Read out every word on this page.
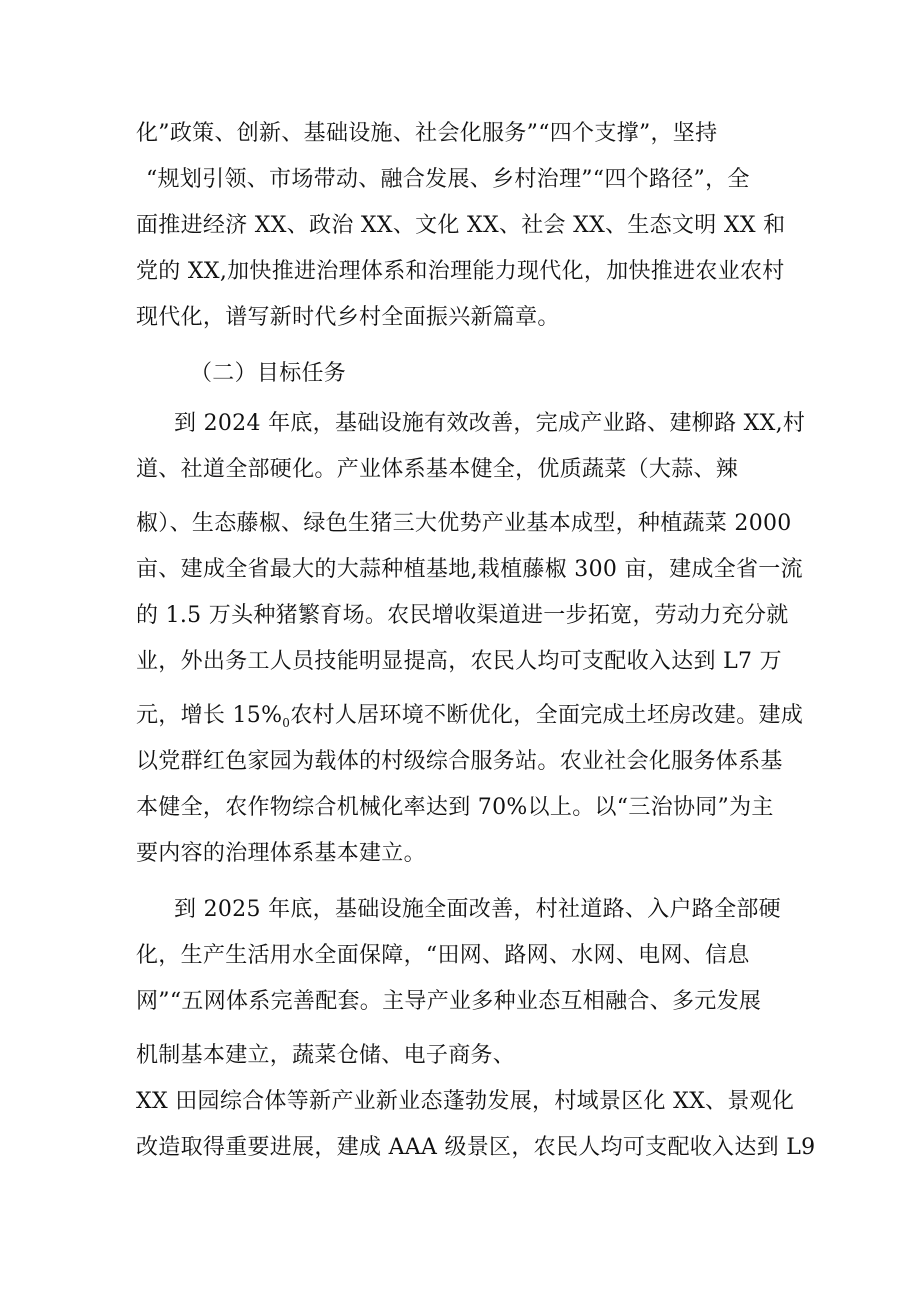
化”政策、创新、基础设施、社会化服务”“四个支撑”，坚持
“规划引领、市场带动、融合发展、乡村治理”“四个路径”，全
面推进经济 XX、政治 XX、文化 XX、社会 XX、生态文明 XX 和
党的 XX,加快推进治理体系和治理能力现代化，加快推进农业农村
现代化，谱写新时代乡村全面振兴新篇章。
（二）目标任务
到 2024 年底，基础设施有效改善，完成产业路、建柳路 XX,村
道、社道全部硬化。产业体系基本健全，优质蔬菜（大蒜、辣
椒）、生态藤椒、绿色生猪三大优势产业基本成型，种植蔬菜 2000
亩、建成全省最大的大蒜种植基地,栽植藤椒 300 亩，建成全省一流
的 1.5 万头种猪繁育场。农民增收渠道进一步拓宽，劳动力充分就
业，外出务工人员技能明显提高，农民人均可支配收入达到 L7 万
元，增长 $15\%_0$农村人居环境不断优化，全面完成土坯房改建。建成
以党群红色家园为载体的村级综合服务站。农业社会化服务体系基
本健全，农作物综合机械化率达到 70%以上。以“三治协同”为主
要内容的治理体系基本建立。
到 2025 年底，基础设施全面改善，村社道路、入户路全部硬
化，生产生活用水全面保障，“田网、路网、水网、电网、信息
网”“五网体系完善配套。主导产业多种业态互相融合、多元发展
机制基本建立，蔬菜仓储、电子商务、
XX 田园综合体等新产业新业态蓬勃发展，村域景区化 XX、景观化
改造取得重要进展，建成 AAA 级景区，农民人均可支配收入达到 L9
